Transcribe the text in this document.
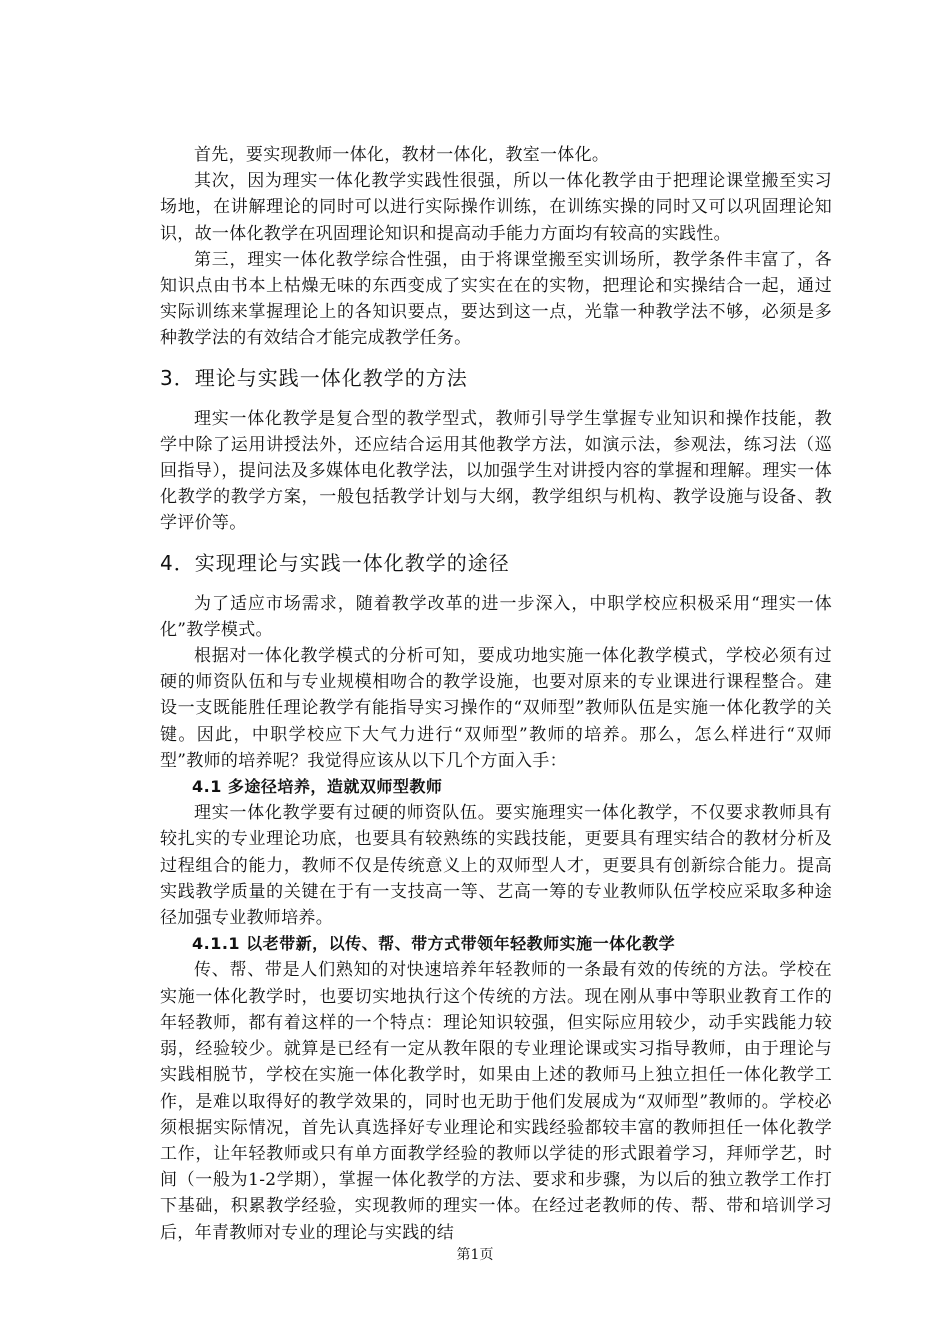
首先，要实现教师一体化，教材一体化，教室一体化。

其次，因为理实一体化教学实践性很强，所以一体化教学由于把理论课堂搬至实习场地，在讲解理论的同时可以进行实际操作训练，在训练实操的同时又可以巩固理论知识，故一体化教学在巩固理论知识和提高动手能力方面均有较高的实践性。

第三，理实一体化教学综合性强，由于将课堂搬至实训场所，教学条件丰富了，各知识点由书本上枯燥无味的东西变成了实实在在的实物，把理论和实操结合一起，通过实际训练来掌握理论上的各知识要点，要达到这一点，光靠一种教学法不够，必须是多种教学法的有效结合才能完成教学任务。

3．理论与实践一体化教学的方法

理实一体化教学是复合型的教学型式，教师引导学生掌握专业知识和操作技能，教学中除了运用讲授法外，还应结合运用其他教学方法，如演示法，参观法，练习法（巡回指导），提问法及多媒体电化教学法，以加强学生对讲授内容的掌握和理解。理实一体化教学的教学方案，一般包括教学计划与大纲，教学组织与机构、教学设施与设备、教学评价等。

4．实现理论与实践一体化教学的途径

为了适应市场需求，随着教学改革的进一步深入，中职学校应积极采用“理实一体化”教学模式。

根据对一体化教学模式的分析可知，要成功地实施一体化教学模式，学校必须有过硬的师资队伍和与专业规模相吻合的教学设施，也要对原来的专业课进行课程整合。建设一支既能胜任理论教学有能指导实习操作的“双师型”教师队伍是实施一体化教学的关键。因此，中职学校应下大气力进行“双师型”教师的培养。那么，怎么样进行“双师型”教师的培养呢？我觉得应该从以下几个方面入手：

4.1 多途径培养，造就双师型教师

理实一体化教学要有过硬的师资队伍。要实施理实一体化教学，不仅要求教师具有较扎实的专业理论功底，也要具有较熟练的实践技能，更要具有理实结合的教材分析及过程组合的能力，教师不仅是传统意义上的双师型人才，更要具有创新综合能力。提高实践教学质量的关键在于有一支技高一等、艺高一筹的专业教师队伍学校应采取多种途径加强专业教师培养。

4.1.1 以老带新，以传、帮、带方式带领年轻教师实施一体化教学

传、帮、带是人们熟知的对快速培养年轻教师的一条最有效的传统的方法。学校在实施一体化教学时，也要切实地执行这个传统的方法。现在刚从事中等职业教育工作的年轻教师，都有着这样的一个特点：理论知识较强，但实际应用较少，动手实践能力较弱，经验较少。就算是已经有一定从教年限的专业理论课或实习指导教师，由于理论与实践相脱节，学校在实施一体化教学时，如果由上述的教师马上独立担任一体化教学工作，是难以取得好的教学效果的，同时也无助于他们发展成为“双师型”教师的。学校必须根据实际情况，首先认真选择好专业理论和实践经验都较丰富的教师担任一体化教学工作，让年轻教师或只有单方面教学经验的教师以学徒的形式跟着学习，拜师学艺，时间（一般为1-2学期），掌握一体化教学的方法、要求和步骤，为以后的独立教学工作打下基础，积累教学经验，实现教师的理实一体。在经过老教师的传、帮、带和培训学习后，年青教师对专业的理论与实践的结

第1页
